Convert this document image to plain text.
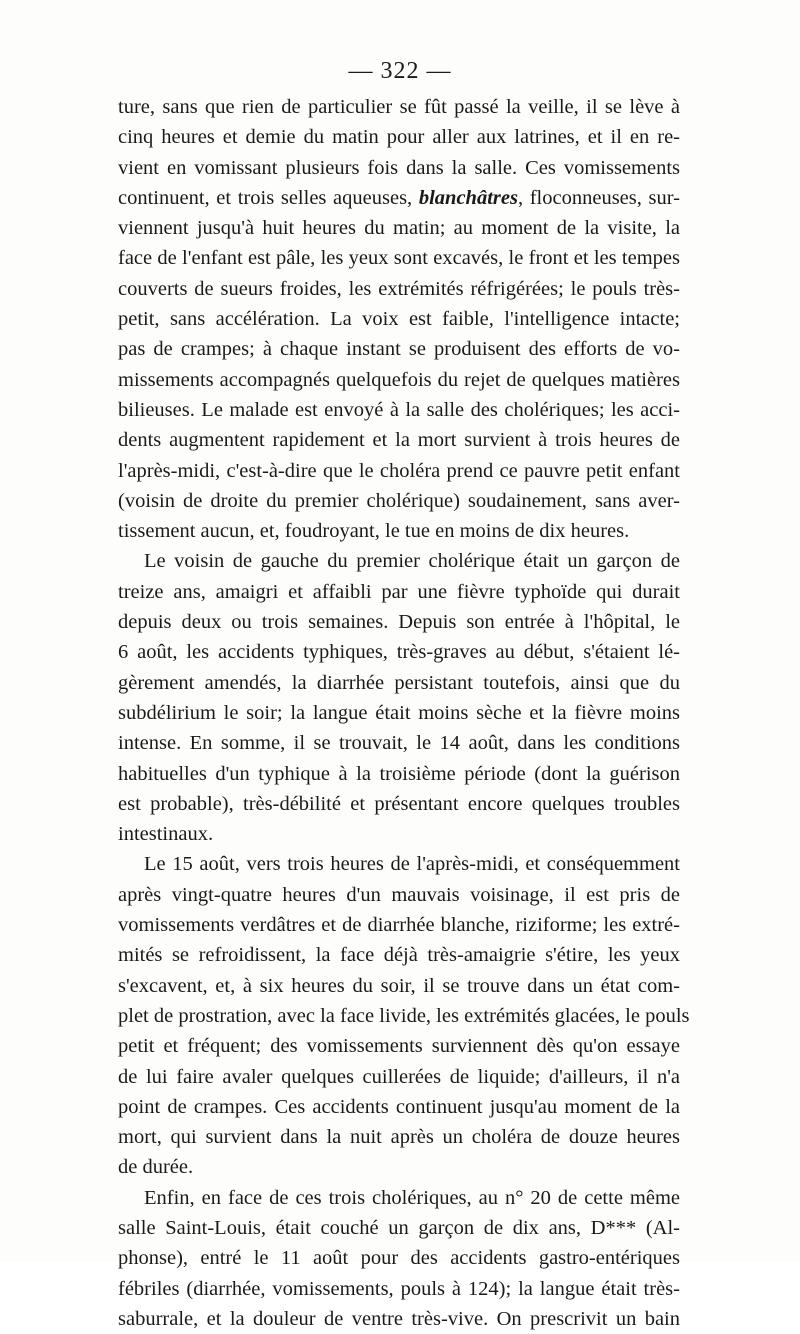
— 322 —
ture, sans que rien de particulier se fût passé la veille, il se lève à
cinq heures et demie du matin pour aller aux latrines, et il en re-
vient en vomissant plusieurs fois dans la salle. Ces vomissements
continuent, et trois selles aqueuses, blanchâtres, floconneuses, sur-
viennent jusqu'à huit heures du matin; au moment de la visite, la
face de l'enfant est pâle, les yeux sont excavés, le front et les tempes
couverts de sueurs froides, les extrémités réfrigérées; le pouls très-
petit, sans accélération. La voix est faible, l'intelligence intacte;
pas de crampes; à chaque instant se produisent des efforts de vo-
missements accompagnés quelquefois du rejet de quelques matières
bilieuses. Le malade est envoyé à la salle des cholériques; les acci-
dents augmentent rapidement et la mort survient à trois heures de
l'après-midi, c'est-à-dire que le choléra prend ce pauvre petit enfant
(voisin de droite du premier cholérique) soudainement, sans aver-
tissement aucun, et, foudroyant, le tue en moins de dix heures.
Le voisin de gauche du premier cholérique était un garçon de
treize ans, amaigri et affaibli par une fièvre typhoïde qui durait
depuis deux ou trois semaines. Depuis son entrée à l'hôpital, le
6 août, les accidents typhiques, très-graves au début, s'étaient lé-
gèrement amendés, la diarrhée persistant toutefois, ainsi que du
subdélirium le soir; la langue était moins sèche et la fièvre moins
intense. En somme, il se trouvait, le 14 août, dans les conditions
habituelles d'un typhique à la troisième période (dont la guérison
est probable), très-débilité et présentant encore quelques troubles
intestinaux.
Le 15 août, vers trois heures de l'après-midi, et conséquemment
après vingt-quatre heures d'un mauvais voisinage, il est pris de
vomissements verdâtres et de diarrhée blanche, riziforme; les extré-
mités se refroidissent, la face déjà très-amaigrie s'étire, les yeux
s'excavent, et, à six heures du soir, il se trouve dans un état com-
plet de prostration, avec la face livide, les extrémités glacées, le pouls
petit et fréquent; des vomissements surviennent dès qu'on essaye
de lui faire avaler quelques cuillerées de liquide; d'ailleurs, il n'a
point de crampes. Ces accidents continuent jusqu'au moment de la
mort, qui survient dans la nuit après un choléra de douze heures
de durée.
Enfin, en face de ces trois cholériques, au n° 20 de cette même
salle Saint-Louis, était couché un garçon de dix ans, D*** (Al-
phonse), entré le 11 août pour des accidents gastro-entériques
fébriles (diarrhée, vomissements, pouls à 124); la langue était très-
saburrale, et la douleur de ventre très-vive. On prescrivit un bain
